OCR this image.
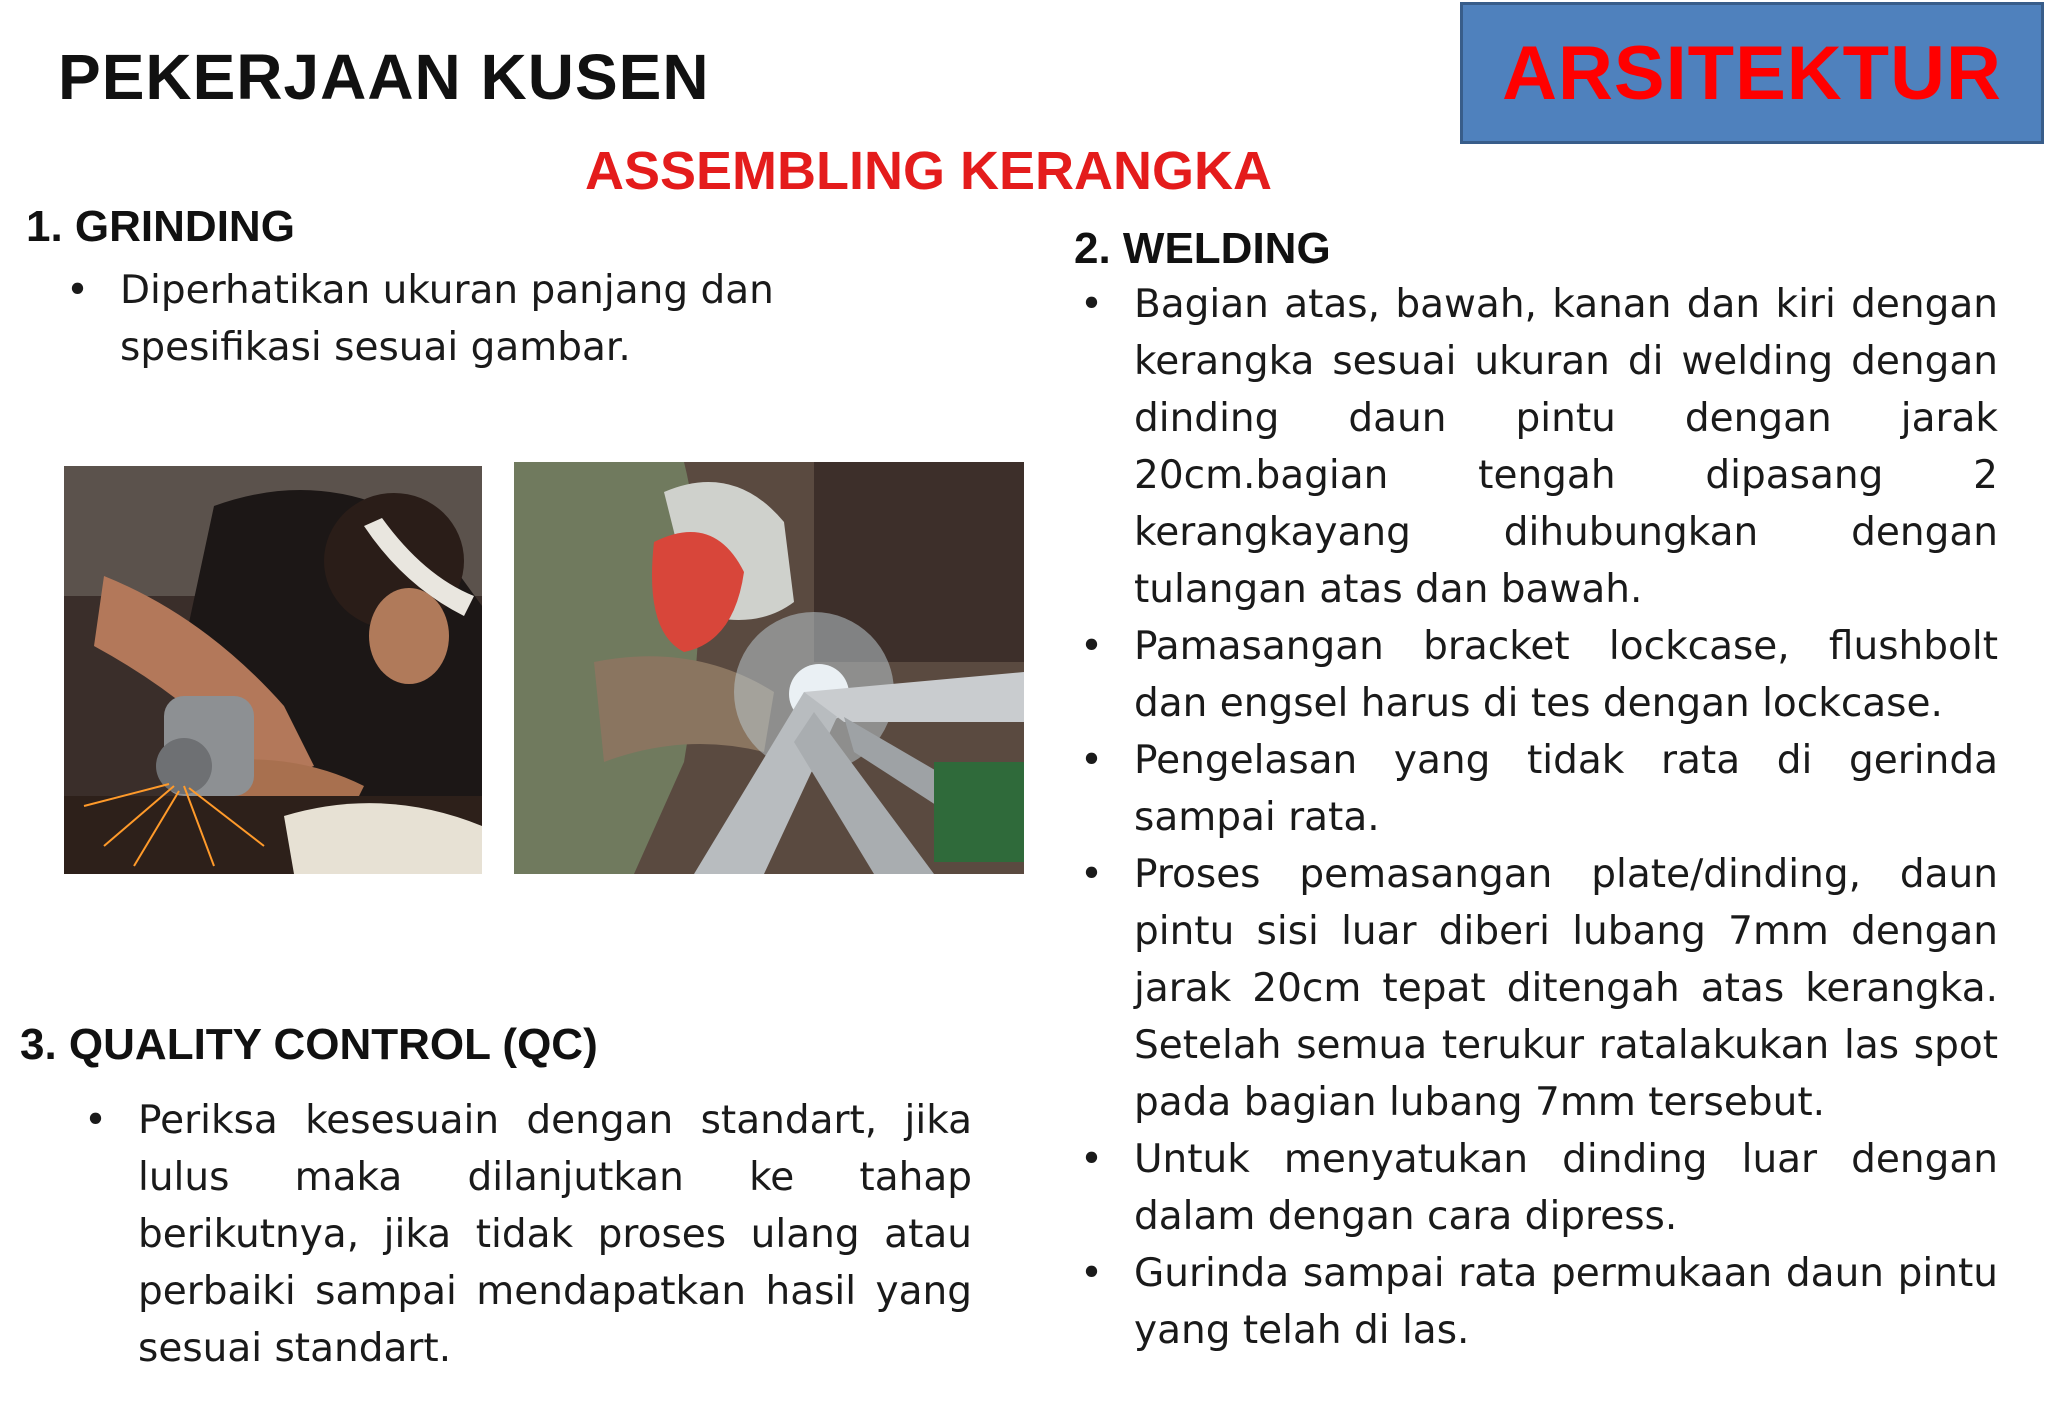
PEKERJAAN KUSEN	ARSITEKTUR
ASSEMBLING KERANGKA
1. GRINDING
• Diperhatikan ukuran panjang dan spesifikasi sesuai gambar.
2. WELDING
• Bagian atas, bawah, kanan dan kiri dengan kerangka sesuai ukuran di welding dengan dinding daun pintu dengan jarak 20cm.bagian tengah dipasang 2 kerangkayang dihubungkan dengan tulangan atas dan bawah.
• Pamasangan bracket lockcase, flushbolt dan engsel harus di tes dengan lockcase.
• Pengelasan yang tidak rata di gerinda sampai rata.
• Proses pemasangan plate/dinding, daun pintu sisi luar diberi lubang 7mm dengan jarak 20cm tepat ditengah atas kerangka. Setelah semua terukur ratalakukan las spot pada bagian lubang 7mm tersebut.
• Untuk menyatukan dinding luar dengan dalam dengan cara dipress.
• Gurinda sampai rata permukaan daun pintu yang telah di las.
3. QUALITY CONTROL (QC)
• Periksa kesesuain dengan standart, jika lulus maka dilanjutkan ke tahap berikutnya, jika tidak proses ulang atau perbaiki sampai mendapatkan hasil yang sesuai standart.
